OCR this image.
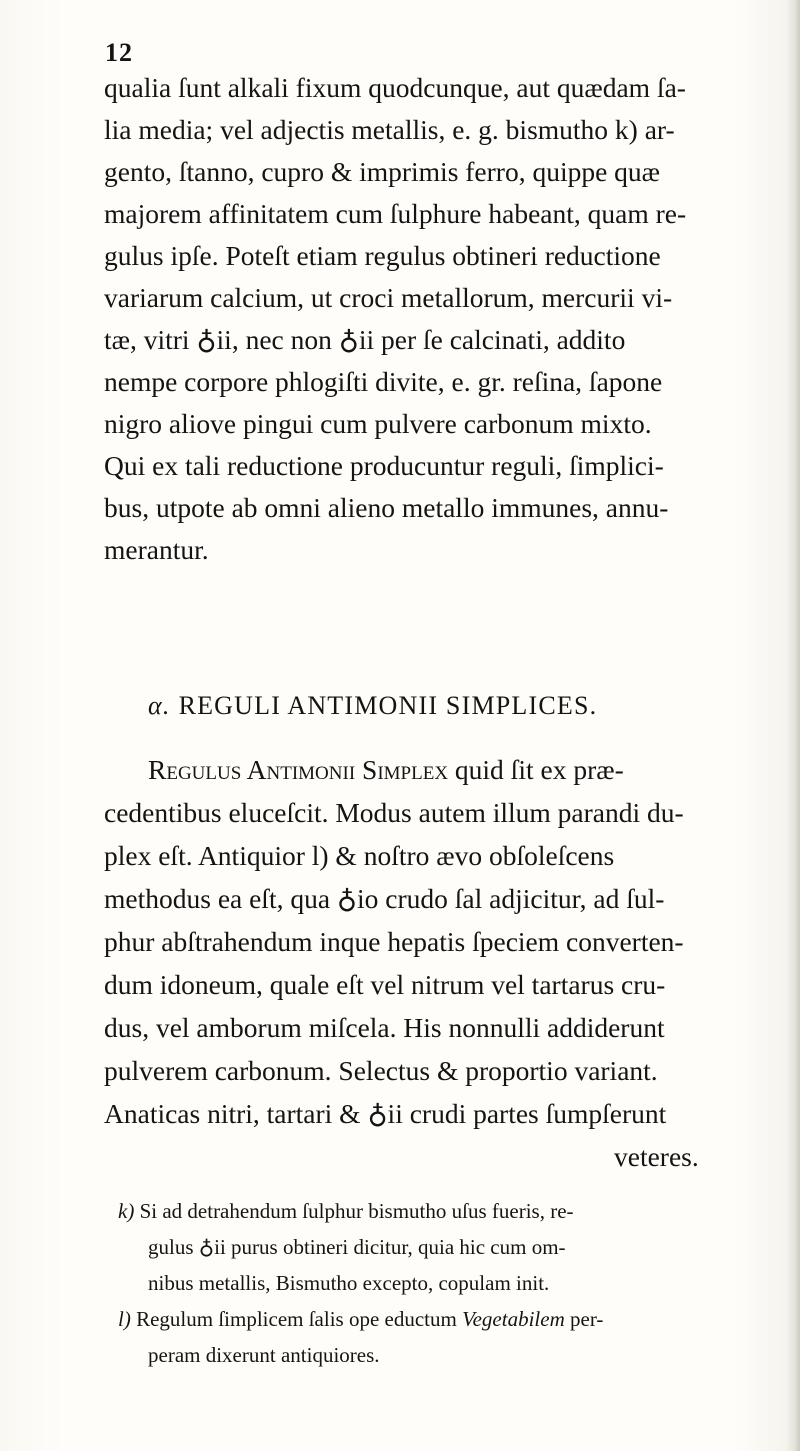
12
qualia ſunt alkali fixum quodcunque, aut quædam ſa-
lia media; vel adjectis metallis, e. g. bismutho k) ar-
gento, ſtanno, cupro & imprimis ferro, quippe quæ
majorem affinitatem cum ſulphure habeant, quam re-
gulus ipſe. Poteſt etiam regulus obtineri reductione
variarum calcium, ut croci metallorum, mercurii vi-
tæ, vitri ♁ii, nec non ♁ii per ſe calcinati, addito
nempe corpore phlogiſti divite, e. gr. reſina, ſapone
nigro aliove pingui cum pulvere carbonum mixto.
Qui ex tali reductione producuntur reguli, ſimplici-
bus, utpote ab omni alieno metallo immunes, annu-
merantur.
α. REGULI ANTIMONII SIMPLICES.
Regulus Antimonii Simplex quid ſit ex præ-
cedentibus eluceſcit. Modus autem illum parandi du-
plex eſt. Antiquior l) & noſtro ævo obſoleſcens
methodus ea eſt, qua ♁io crudo ſal adjicitur, ad ſul-
phur abſtrahendum inque hepatis ſpeciem converten-
dum idoneum, quale eſt vel nitrum vel tartarus cru-
dus, vel amborum miſcela. His nonnulli addiderunt
pulverem carbonum. Selectus & proportio variant.
Anaticas nitri, tartari & ♁ii crudi partes ſumpſerunt
veteres.
k) Si ad detrahendum ſulphur bismutho uſus fueris, re-
gulus ♁ii purus obtineri dicitur, quia hic cum om-
nibus metallis, Bismutho excepto, copulam init.
l) Regulum ſimplicem ſalis ope eductum Vegetabilem per-
peram dixerunt antiquiores.
